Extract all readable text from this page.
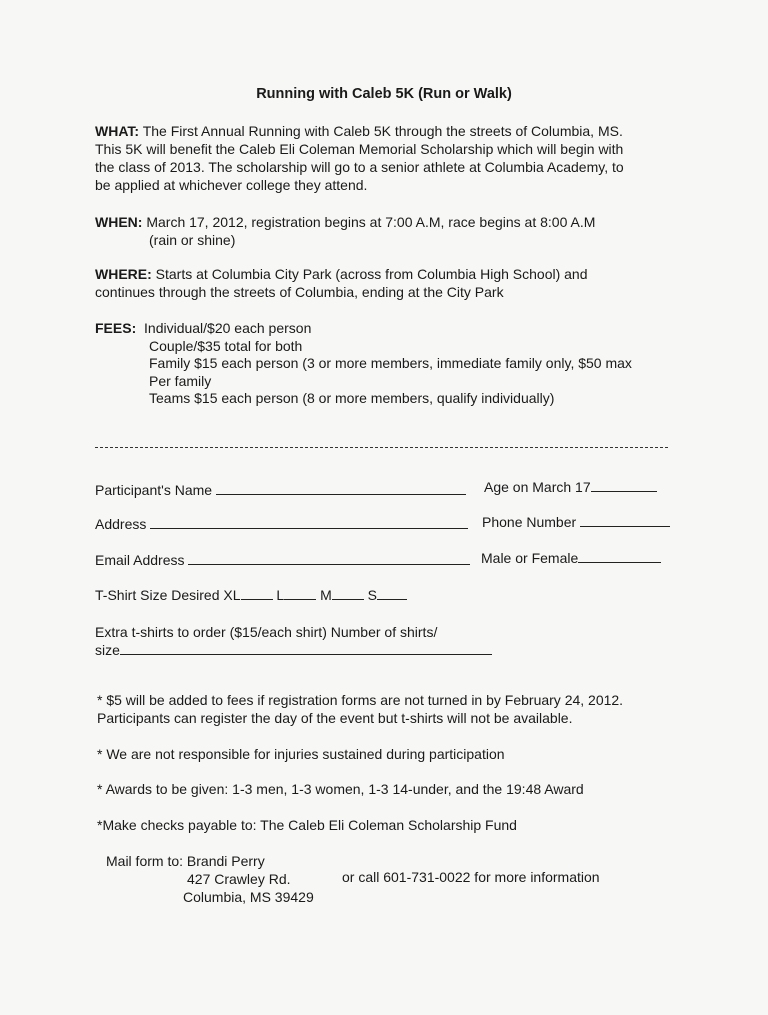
Running with Caleb 5K (Run or Walk)
WHAT: The First Annual Running with Caleb 5K through the streets of Columbia, MS.
This 5K will benefit the Caleb Eli Coleman Memorial Scholarship which will begin with
the class of 2013. The scholarship will go to a senior athlete at Columbia Academy, to
be applied at whichever college they attend.
WHEN: March 17, 2012, registration begins at 7:00 A.M, race begins at 8:00 A.M
(rain or shine)
WHERE: Starts at Columbia City Park (across from Columbia High School) and
continues through the streets of Columbia, ending at the City Park
FEES: Individual/$20 each person
Couple/$35 total for both
Family $15 each person (3 or more members, immediate family only, $50 max
Per family
Teams $15 each person (8 or more members, qualify individually)
Participant's Name	Age on March 17
Address	Phone Number
Email Address	Male or Female
T-Shirt Size Desired XL	L	M	S
Extra t-shirts to order ($15/each shirt) Number of shirts/
size
* $5 will be added to fees if registration forms are not turned in by February 24, 2012.
Participants can register the day of the event but t-shirts will not be available.
* We are not responsible for injuries sustained during participation
* Awards to be given: 1-3 men, 1-3 women, 1-3 14-under, and the 19:48 Award
*Make checks payable to: The Caleb Eli Coleman Scholarship Fund
Mail form to: Brandi Perry
427 Crawley Rd.	or call 601-731-0022 for more information
Columbia, MS 39429
